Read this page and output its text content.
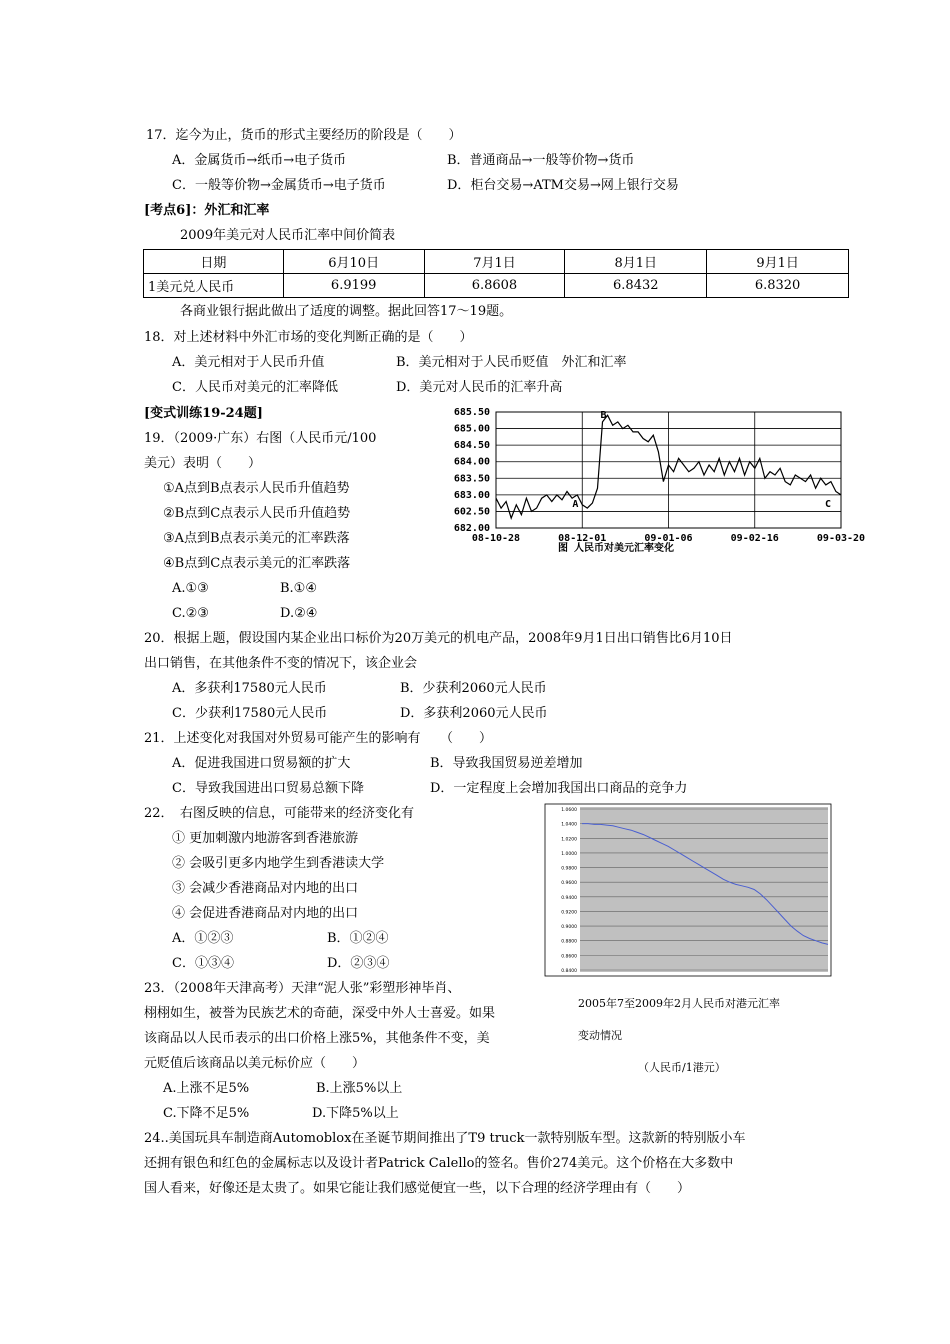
17．迄今为止，货币的形式主要经历的阶段是（　　）
A．金属货币→纸币→电子货币	B．普通商品→一般等价物→货币
C．一般等价物→金属货币→电子货币	D．柜台交易→ATM交易→网上银行交易
[考点6]：外汇和汇率
2009年美元对人民币汇率中间价简表
日期	6月10日	7月1日	8月1日	9月1日
1美元兑人民币	6.9199	6.8608	6.8432	6.8320
各商业银行据此做出了适度的调整。据此回答17～19题。
18．对上述材料中外汇市场的变化判断正确的是（　　）
A．美元相对于人民币升值	B．美元相对于人民币贬值　外汇和汇率
C．人民币对美元的汇率降低	D．美元对人民币的汇率升高
[变式训练19-24题]
19．（2009·广东）右图（人民币元/100
美元）表明（　　）
①A点到B点表示人民币升值趋势
②B点到C点表示人民币升值趋势
③A点到B点表示美元的汇率跌落
④B点到C点表示美元的汇率跌落
A.①③	B.①④
C.②③	D.②④
685.50
685.00
684.50
684.00
683.50
683.00
602.50
682.00
08-10-28	08-12-01	09-01-06	09-02-16	09-03-20
A
B
C
图 人民币对美元汇率变化
20．根据上题，假设国内某企业出口标价为20万美元的机电产品，2008年9月1日出口销售比6月10日
出口销售，在其他条件不变的情况下，该企业会
A．多获利17580元人民币	B．少获利2060元人民币
C．少获利17580元人民币	D．多获利2060元人民币
21．上述变化对我国对外贸易可能产生的影响有　　（　　）
A．促进我国进口贸易额的扩大	B．导致我国贸易逆差增加
C．导致我国进出口贸易总额下降	D．一定程度上会增加我国出口商品的竞争力
22．　右图反映的信息，可能带来的经济变化有
① 更加刺激内地游客到香港旅游
② 会吸引更多内地学生到香港读大学
③ 会减少香港商品对内地的出口
④ 会促进香港商品对内地的出口
A．①②③	B．①②④
C．①③④	D．②③④
1.0600
1.0400
1.0200
1.0000
0.9800
0.9600
0.9400
0.9200
0.9000
0.8800
0.8600
0.8400
2005年7至2009年2月人民币对港元汇率
变动情况
（人民币/1港元）
23．（2008年天津高考）天津“泥人张”彩塑形神毕肖、
栩栩如生，被誉为民族艺术的奇葩，深受中外人士喜爱。如果
该商品以人民币表示的出口价格上涨5%，其他条件不变，美
元贬值后该商品以美元标价应（　　）
A.上涨不足5%	B.上涨5%以上
C.下降不足5%	D.下降5%以上
24..美国玩具车制造商Automoblox在圣诞节期间推出了T9 truck一款特别版车型。这款新的特别版小车
还拥有银色和红色的金属标志以及设计者Patrick Calello的签名。售价274美元。这个价格在大多数中
国人看来，好像还是太贵了。如果它能让我们感觉便宜一些，以下合理的经济学理由有（　　）
